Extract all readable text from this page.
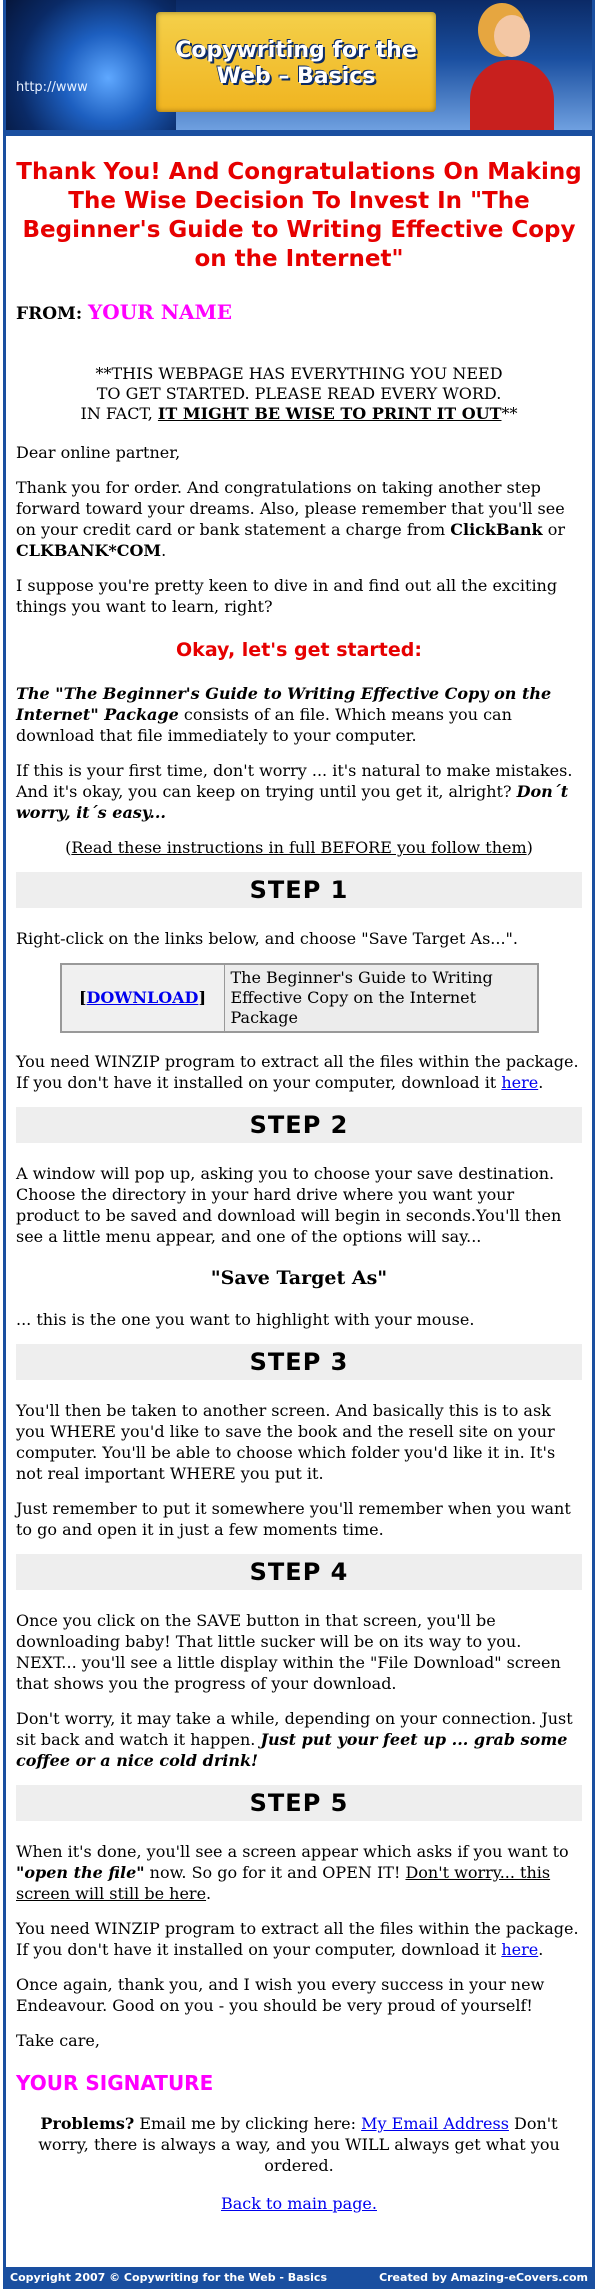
http://www
Copywriting for the
Web – Basics
Thank You! And Congratulations On Making The Wise Decision To Invest In "The Beginner's Guide to Writing Effective Copy on the Internet"
FROM: YOUR NAME
**THIS WEBPAGE HAS EVERYTHING YOU NEED
TO GET STARTED. PLEASE READ EVERY WORD.
IN FACT, IT MIGHT BE WISE TO PRINT IT OUT**

Dear online partner,

Thank you for order. And congratulations on taking another step forward toward your dreams. Also, please remember that you'll see on your credit card or bank statement a charge from ClickBank or CLKBANK*COM.

I suppose you're pretty keen to dive in and find out all the exciting things you want to learn, right?

Okay, let's get started:

The "The Beginner's Guide to Writing Effective Copy on the Internet" Package consists of an file. Which means you can download that file immediately to your computer.

If this is your first time, don't worry ... it's natural to make mistakes. And it's okay, you can keep on trying until you get it, alright? Don´t worry, it´s easy...

(Read these instructions in full BEFORE you follow them)

STEP 1

Right-click on the links below, and choose "Save Target As...".

[DOWNLOAD]	The Beginner's Guide to Writing Effective Copy on the Internet Package

You need WINZIP program to extract all the files within the package. If you don't have it installed on your computer, download it here.

STEP 2

A window will pop up, asking you to choose your save destination. Choose the directory in your hard drive where you want your product to be saved and download will begin in seconds.You'll then see a little menu appear, and one of the options will say...

"Save Target As"

... this is the one you want to highlight with your mouse.

STEP 3

You'll then be taken to another screen. And basically this is to ask you WHERE you'd like to save the book and the resell site on your computer. You'll be able to choose which folder you'd like it in. It's not real important WHERE you put it.

Just remember to put it somewhere you'll remember when you want to go and open it in just a few moments time.

STEP 4

Once you click on the SAVE button in that screen, you'll be downloading baby! That little sucker will be on its way to you. NEXT... you'll see a little display within the "File Download" screen that shows you the progress of your download.

Don't worry, it may take a while, depending on your connection. Just sit back and watch it happen. Just put your feet up ... grab some coffee or a nice cold drink!

STEP 5

When it's done, you'll see a screen appear which asks if you want to "open the file" now. So go for it and OPEN IT! Don't worry... this screen will still be here.

You need WINZIP program to extract all the files within the package. If you don't have it installed on your computer, download it here.

Once again, thank you, and I wish you every success in your new Endeavour. Good on you - you should be very proud of yourself!

Take care,

YOUR SIGNATURE
Problems? Email me by clicking here: My Email Address Don't worry, there is always a way, and you WILL always get what you ordered.
Back to main page.
Copyright 2007 © Copywriting for the Web - Basics	Created by Amazing-eCovers.com
